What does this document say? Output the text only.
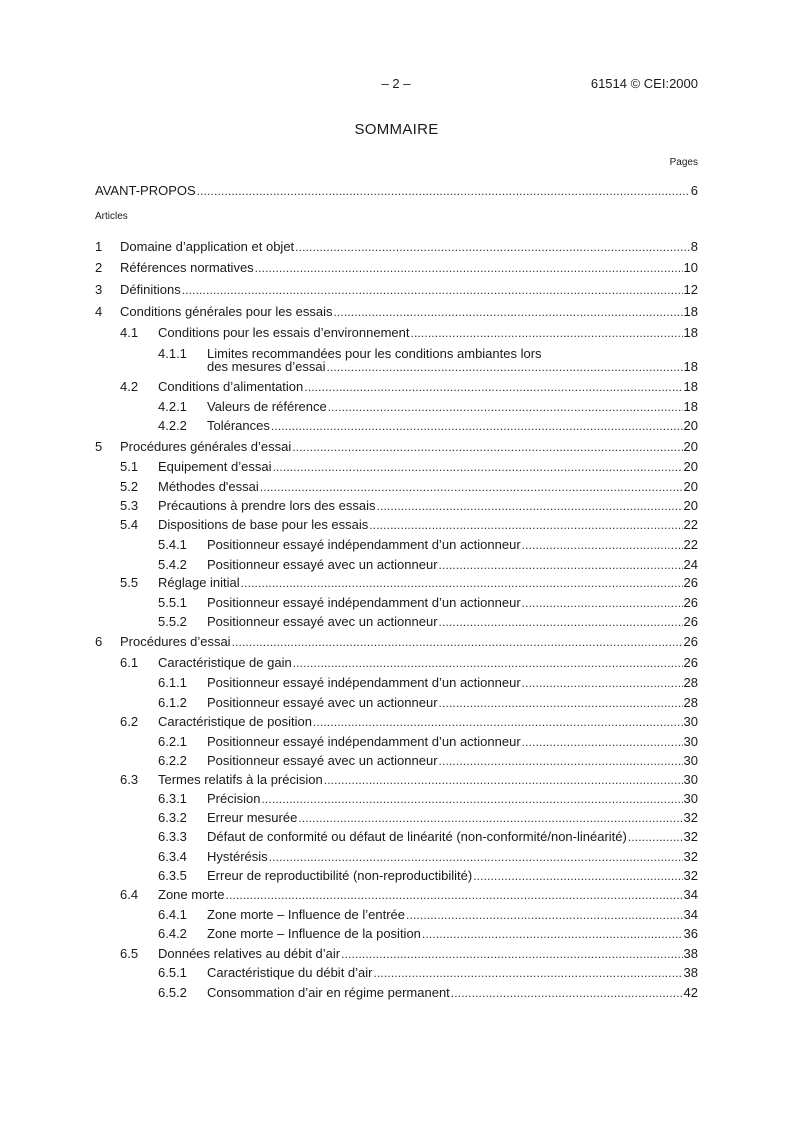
– 2 –	61514 © CEI:2000
SOMMAIRE
Pages
AVANT-PROPOS . . .	6
1 Domaine d’application et objet . . .	8
2 Références normatives . . .	10
3 Définitions . . .	12
4 Conditions générales pour les essais . . .	18
4.1 Conditions pour les essais d’environnement . . .	18
4.1.1 Limites recommandées pour les conditions ambiantes lors
des mesures d’essai . . .	18
4.2 Conditions d’alimentation . . .	18
4.2.1 Valeurs de référence . . .	18
4.2.2 Tolérances . . .	20
5 Procédures générales d’essai . . .	20
5.1 Equipement d’essai . . .	20
5.2 Méthodes d'essai . . .	20
5.3 Précautions à prendre lors des essais . . .	20
5.4 Dispositions de base pour les essais . . .	22
5.4.1 Positionneur essayé indépendamment d’un actionneur . . .	22
5.4.2 Positionneur essayé avec un actionneur . . .	24
5.5 Réglage initial . . .	26
5.5.1 Positionneur essayé indépendamment d’un actionneur . . .	26
5.5.2 Positionneur essayé avec un actionneur . . .	26
6 Procédures d’essai . . .	26
6.1 Caractéristique de gain . . .	26
6.1.1 Positionneur essayé indépendamment d’un actionneur . . .	28
6.1.2 Positionneur essayé avec un actionneur . . .	28
6.2 Caractéristique de position . . .	30
6.2.1 Positionneur essayé indépendamment d’un actionneur . . .	30
6.2.2 Positionneur essayé avec un actionneur . . .	30
6.3 Termes relatifs à la précision . . .	30
6.3.1 Précision . . .	30
6.3.2 Erreur mesurée . . .	32
6.3.3 Défaut de conformité ou défaut de linéarité (non-conformité/non-linéarité) . . .	32
6.3.4 Hystérésis . . .	32
6.3.5 Erreur de reproductibilité (non-reproductibilité) . . .	32
6.4 Zone morte . . .	34
6.4.1 Zone morte – Influence de l’entrée . . .	34
6.4.2 Zone morte – Influence de la position . . .	36
6.5 Données relatives au débit d’air . . .	38
6.5.1 Caractéristique du débit d’air . . .	38
6.5.2 Consommation d’air en régime permanent . . .	42
Articles
